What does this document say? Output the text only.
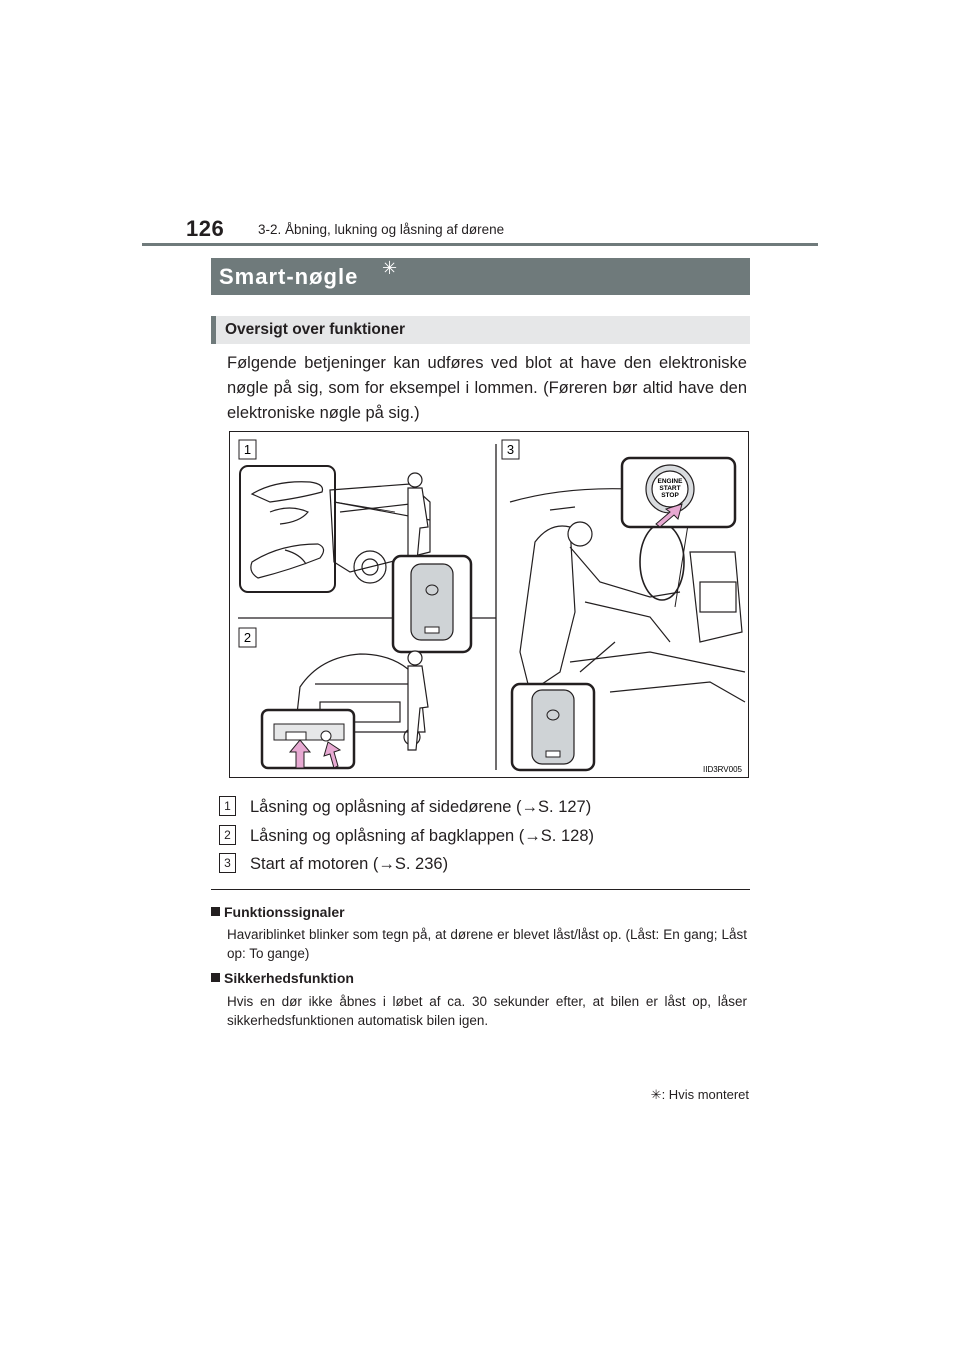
126	3-2. Åbning, lukning og låsning af dørene
Smart-nøgle ✳
Oversigt over funktioner
Følgende betjeninger kan udføres ved blot at have den elektroniske nøgle på sig, som for eksempel i lommen. (Føreren bør altid have den elektroniske nøgle på sig.)
1
2
3
ENGINE
START
STOP
IID3RV005
1 Låsning og oplåsning af sidedørene (→S. 127)
2 Låsning og oplåsning af bagklappen (→S. 128)
3 Start af motoren (→S. 236)
Funktionssignaler
Havariblinket blinker som tegn på, at dørene er blevet låst/låst op. (Låst: En gang; Låst op: To gange)
Sikkerhedsfunktion
Hvis en dør ikke åbnes i løbet af ca. 30 sekunder efter, at bilen er låst op, låser sikkerhedsfunktionen automatisk bilen igen.
✳: Hvis monteret
